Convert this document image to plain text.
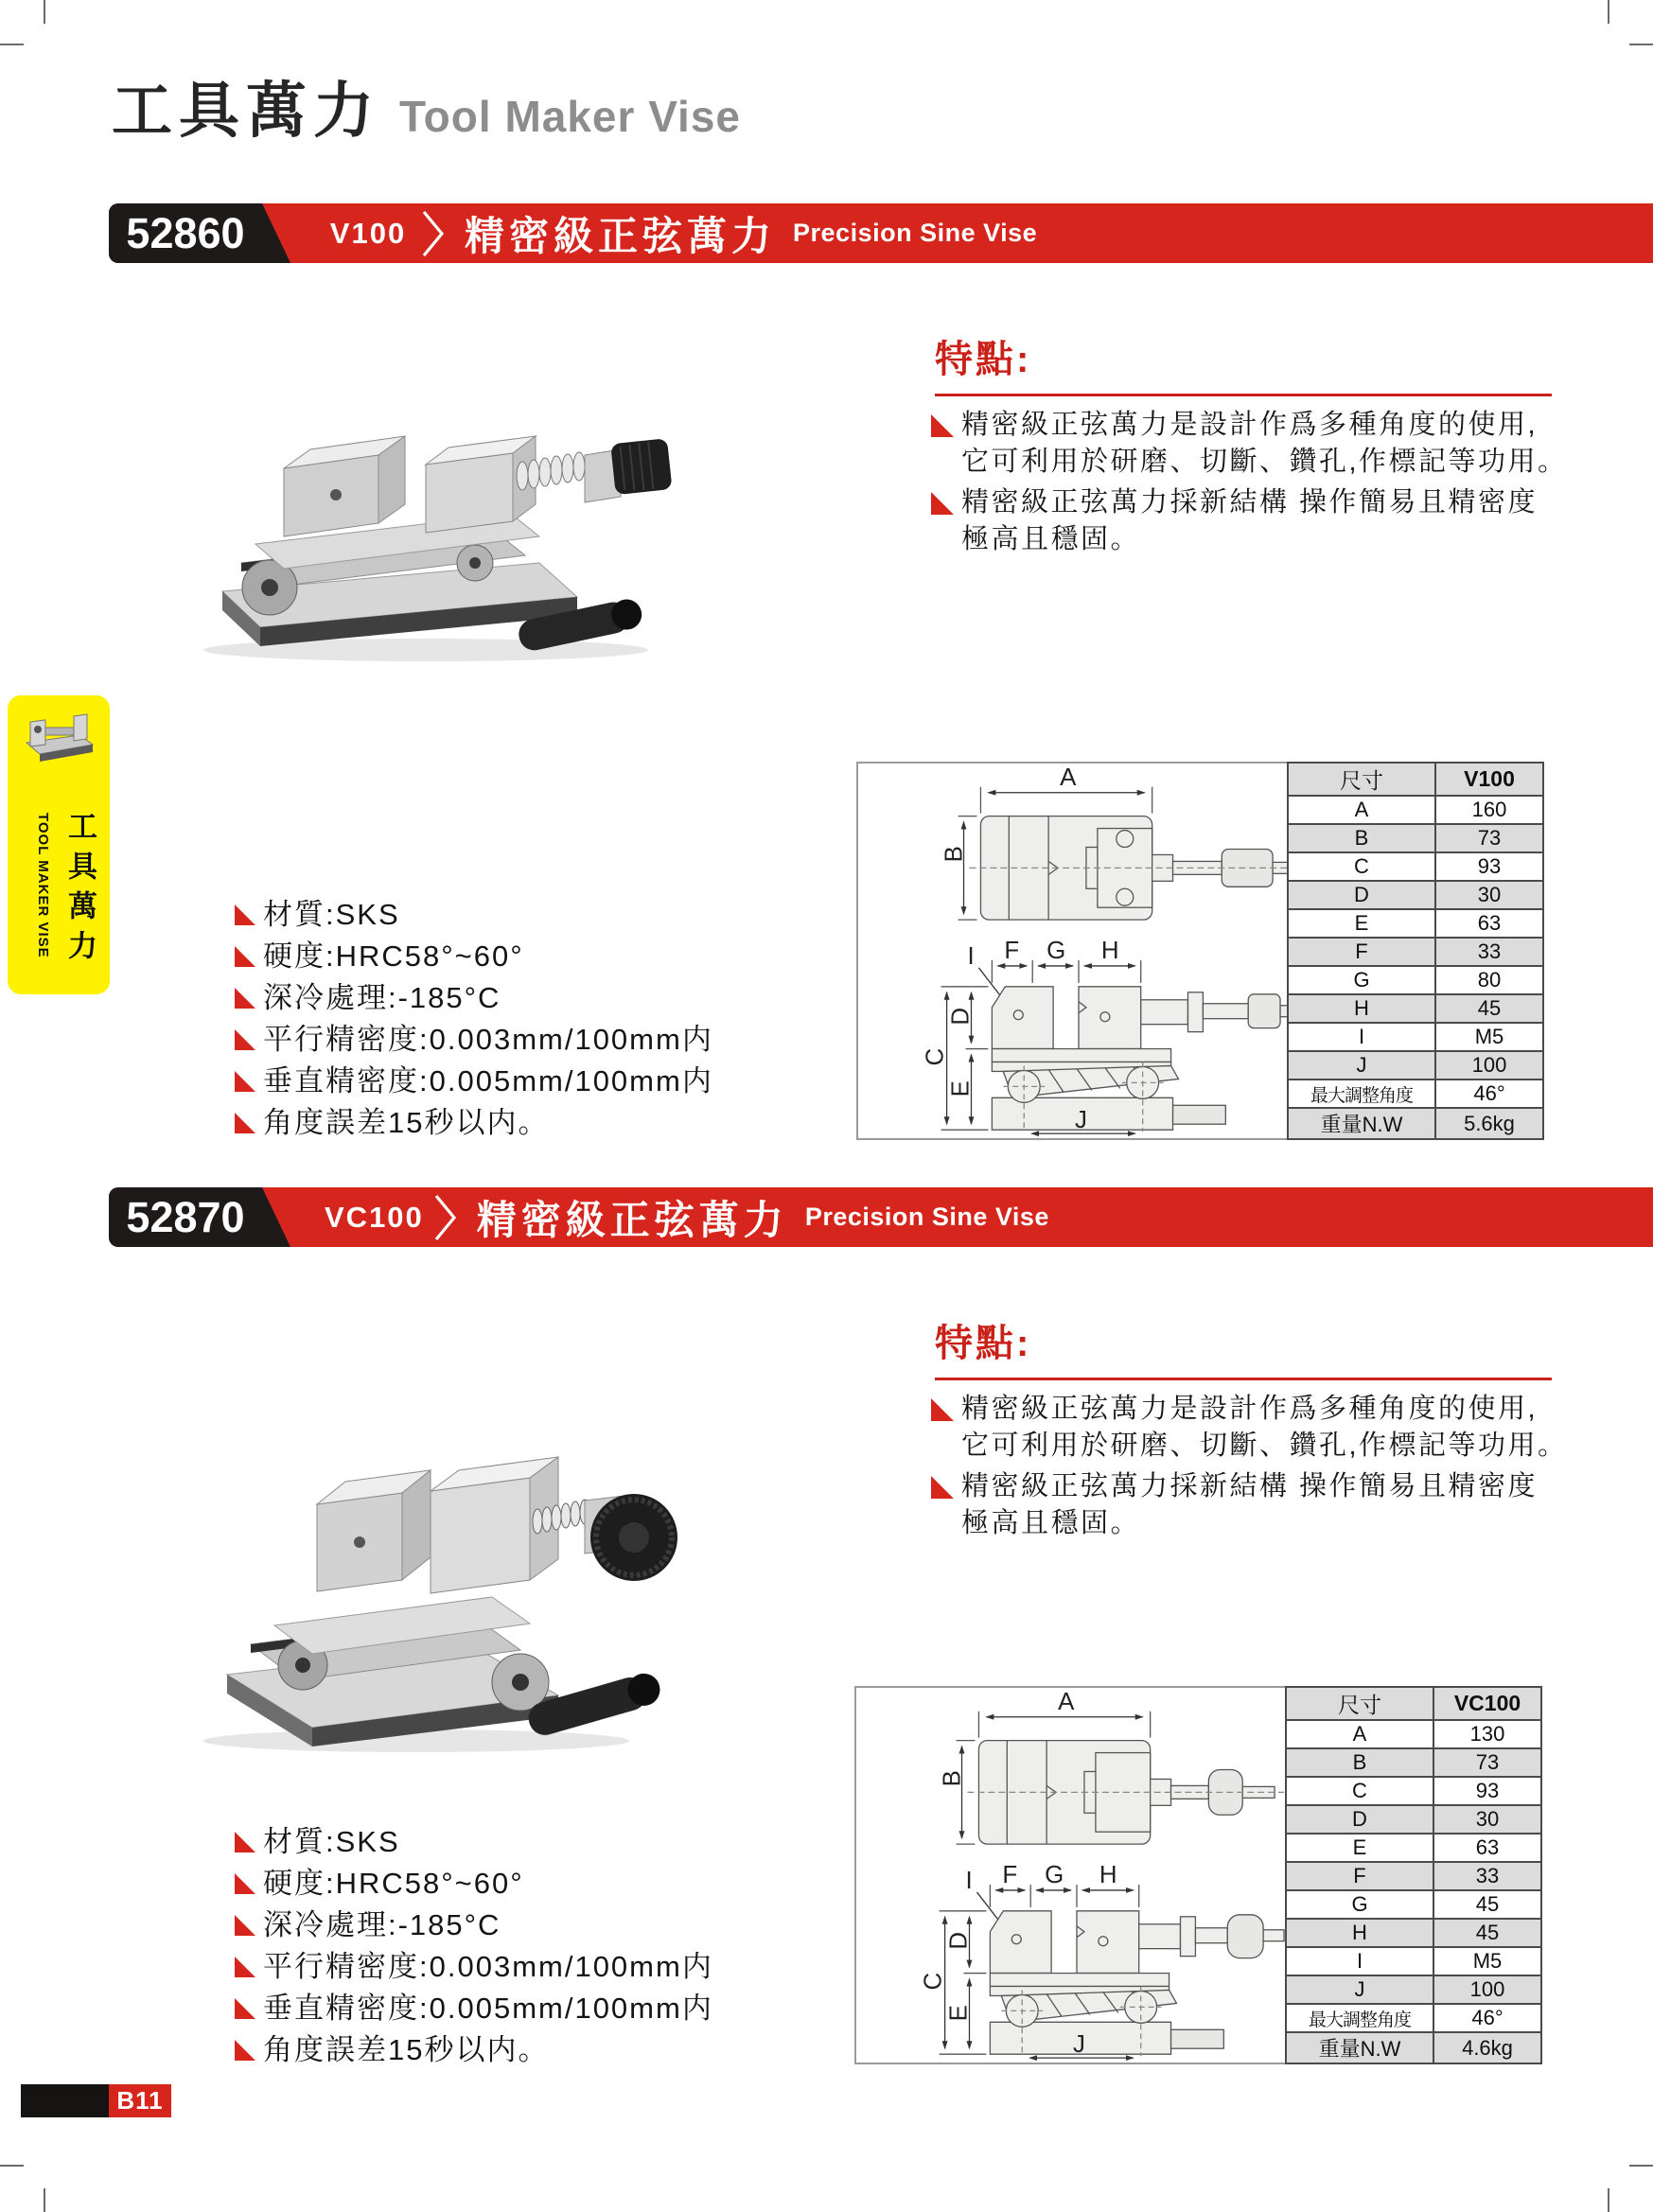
工具萬力 Tool Maker Vise
52860	V100 精密級正弦萬力 Precision Sine Vise
特點:
精密級正弦萬力是設計作爲多種角度的使用,
它可利用於研磨、切斷、鑽孔,作標記等功用。
精密級正弦萬力採新結構 操作簡易且精密度
極高且穩固。
A
B
C
D
E
F G H
I
J
尺寸	V100
A	160
B	73
C	93
D	30
E	63
F	33
G	80
H	45
I	M5
J	100
最大調整角度	46°
重量N.W	5.6kg
材質:SKS
硬度:HRC58°~60°
深冷處理:-185°C
平行精密度:0.003mm/100mm内
垂直精密度:0.005mm/100mm内
角度誤差15秒以内。
52870	VC100 精密級正弦萬力 Precision Sine Vise
特點:
精密級正弦萬力是設計作爲多種角度的使用,
它可利用於研磨、切斷、鑽孔,作標記等功用。
精密級正弦萬力採新結構 操作簡易且精密度
極高且穩固。
A
B
C
D
E
F G H
I
J
尺寸	VC100
A	130
B	73
C	93
D	30
E	63
F	33
G	45
H	45
I	M5
J	100
最大調整角度	46°
重量N.W	4.6kg
材質:SKS
硬度:HRC58°~60°
深冷處理:-185°C
平行精密度:0.003mm/100mm内
垂直精密度:0.005mm/100mm内
角度誤差15秒以内。
工具萬力
TOOL MAKER VISE
B11
